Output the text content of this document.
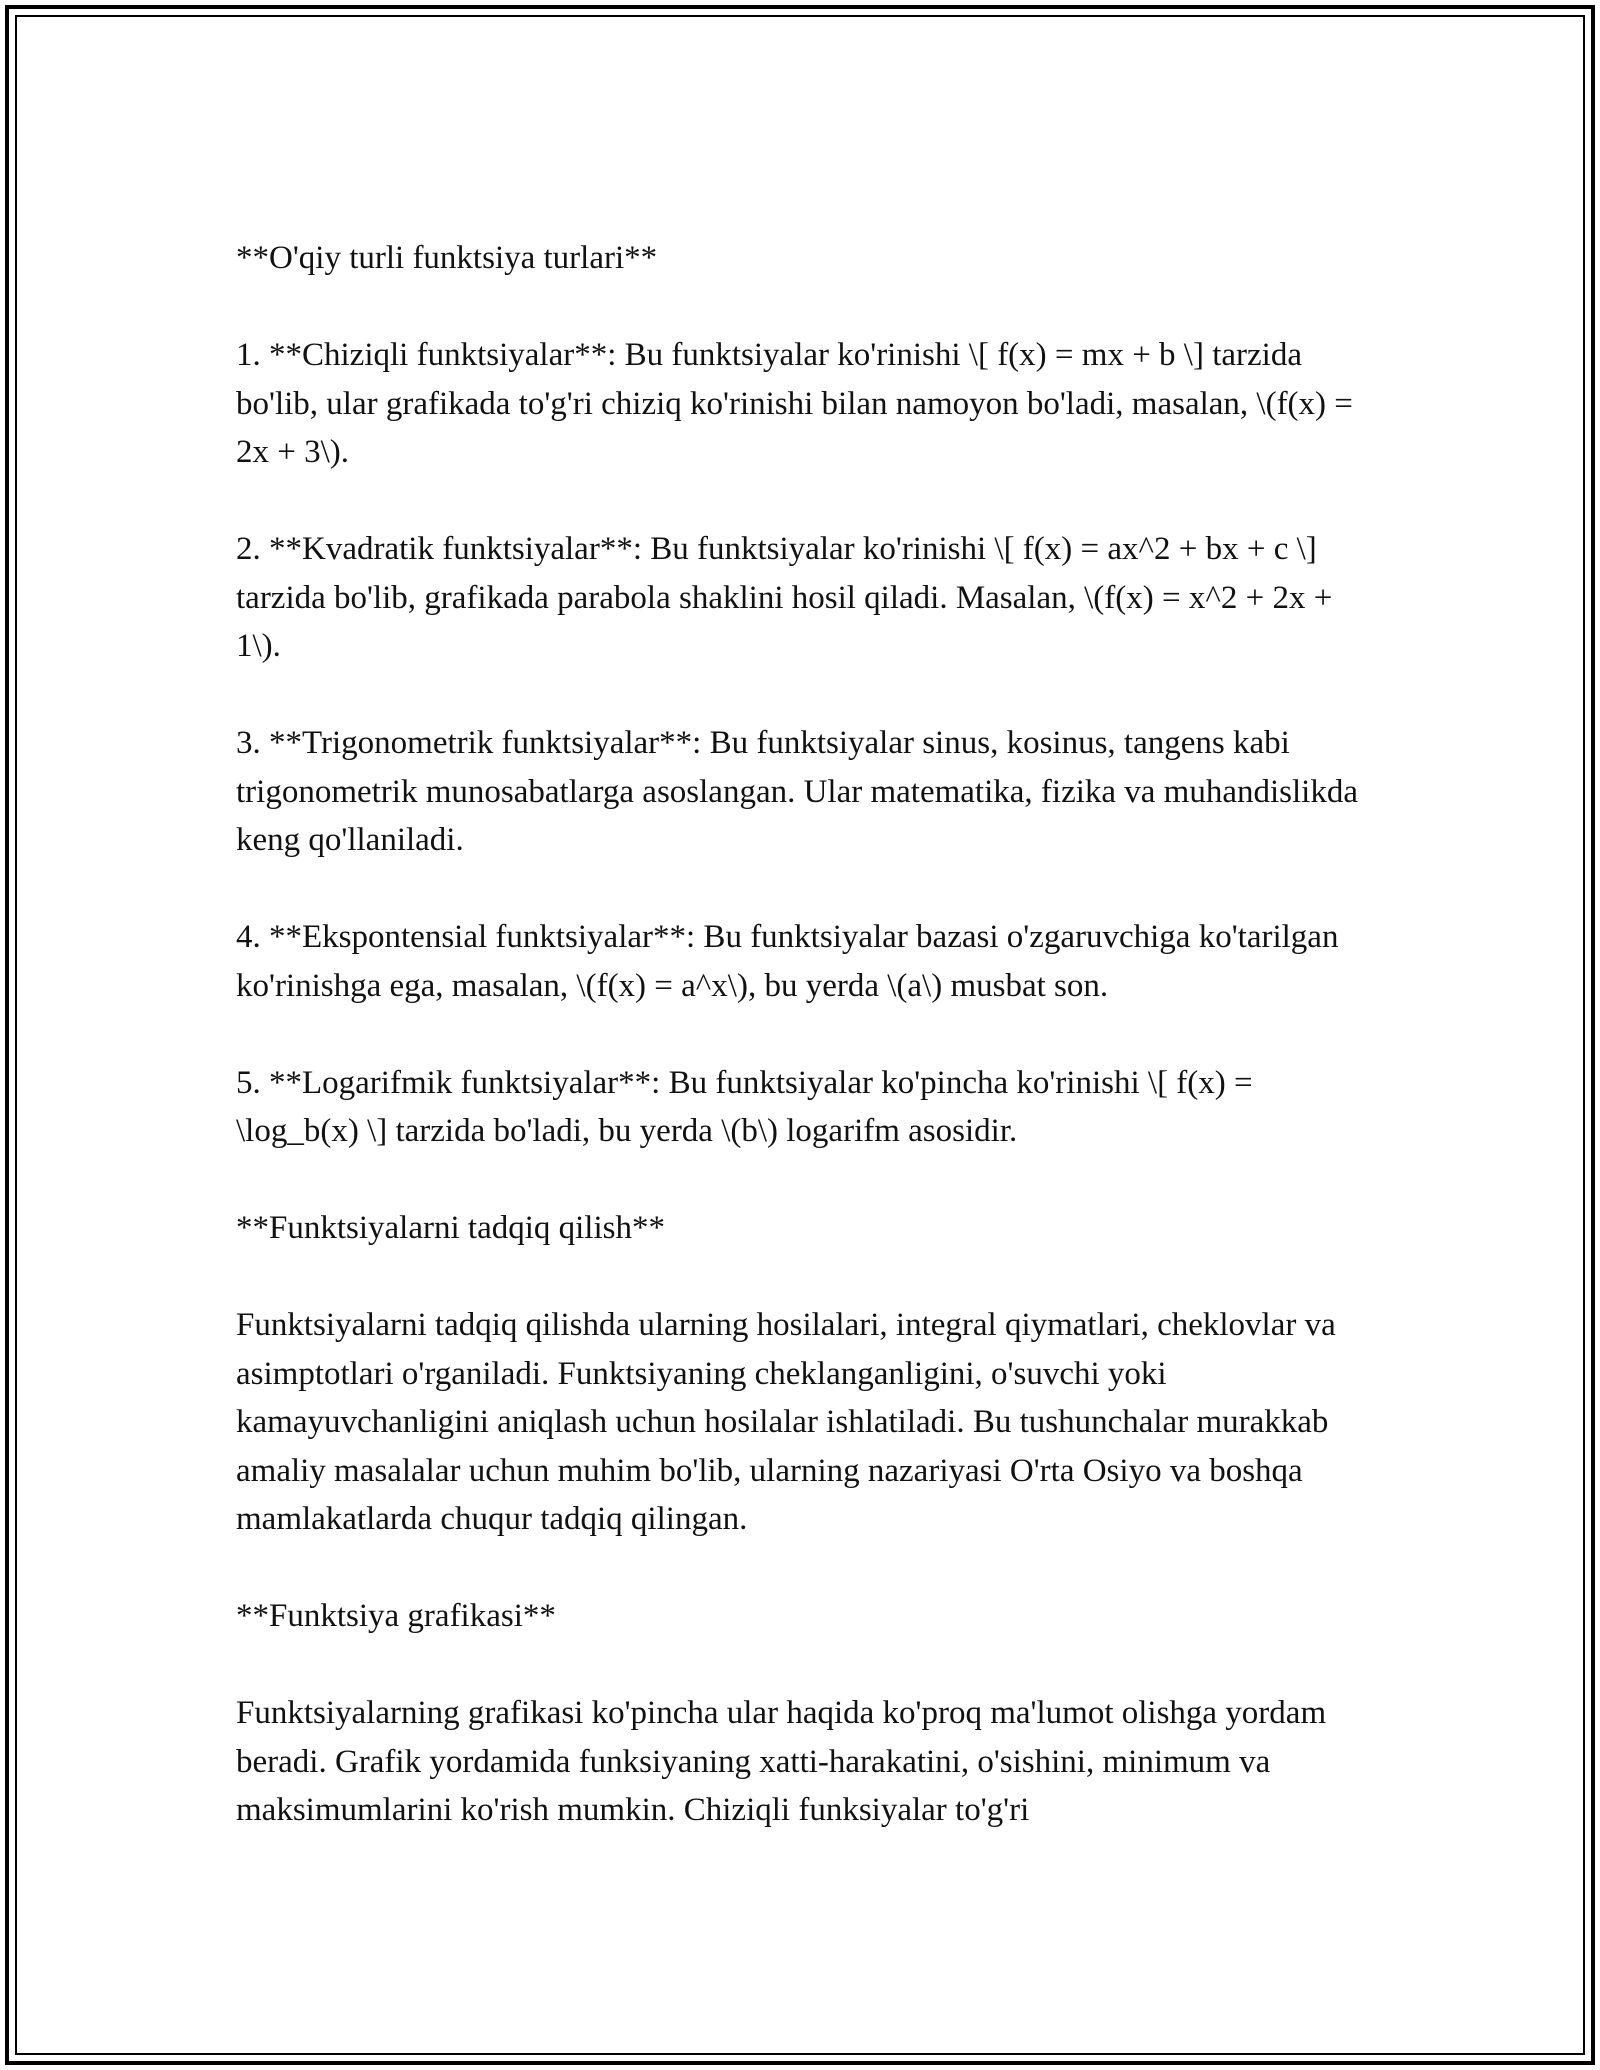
**O'qiy turli funktsiya turlari**

1. **Chiziqli funktsiyalar**: Bu funktsiyalar ko'rinishi \[ f(x) = mx + b \] tarzida bo'lib, ular grafikada to'g'ri chiziq ko'rinishi bilan namoyon bo'ladi, masalan, \(f(x) = 2x + 3\).

2. **Kvadratik funktsiyalar**: Bu funktsiyalar ko'rinishi \[ f(x) = ax^2 + bx + c \] tarzida bo'lib, grafikada parabola shaklini hosil qiladi. Masalan, \(f(x) = x^2 + 2x + 1\).

3. **Trigonometrik funktsiyalar**: Bu funktsiyalar sinus, kosinus, tangens kabi trigonometrik munosabatlarga asoslangan. Ular matematika, fizika va muhandislikda keng qo'llaniladi.

4. **Ekspontensial funktsiyalar**: Bu funktsiyalar bazasi o'zgaruvchiga ko'tarilgan ko'rinishga ega, masalan, \(f(x) = a^x\), bu yerda \(a\) musbat son.

5. **Logarifmik funktsiyalar**: Bu funktsiyalar ko'pincha ko'rinishi \[ f(x) = \log_b(x) \] tarzida bo'ladi, bu yerda \(b\) logarifm asosidir.

**Funktsiyalarni tadqiq qilish**

Funktsiyalarni tadqiq qilishda ularning hosilalari, integral qiymatlari, cheklovlar va asimptotlari o'rganiladi. Funktsiyaning cheklanganligini, o'suvchi yoki kamayuvchanligini aniqlash uchun hosilalar ishlatiladi. Bu tushunchalar murakkab amaliy masalalar uchun muhim bo'lib, ularning nazariyasi O'rta Osiyo va boshqa mamlakatlarda chuqur tadqiq qilingan.

**Funktsiya grafikasi**

Funktsiyalarning grafikasi ko'pincha ular haqida ko'proq ma'lumot olishga yordam beradi. Grafik yordamida funksiyaning xatti-harakatini, o'sishini, minimum va maksimumlarini ko'rish mumkin. Chiziqli funksiyalar to'g'ri
